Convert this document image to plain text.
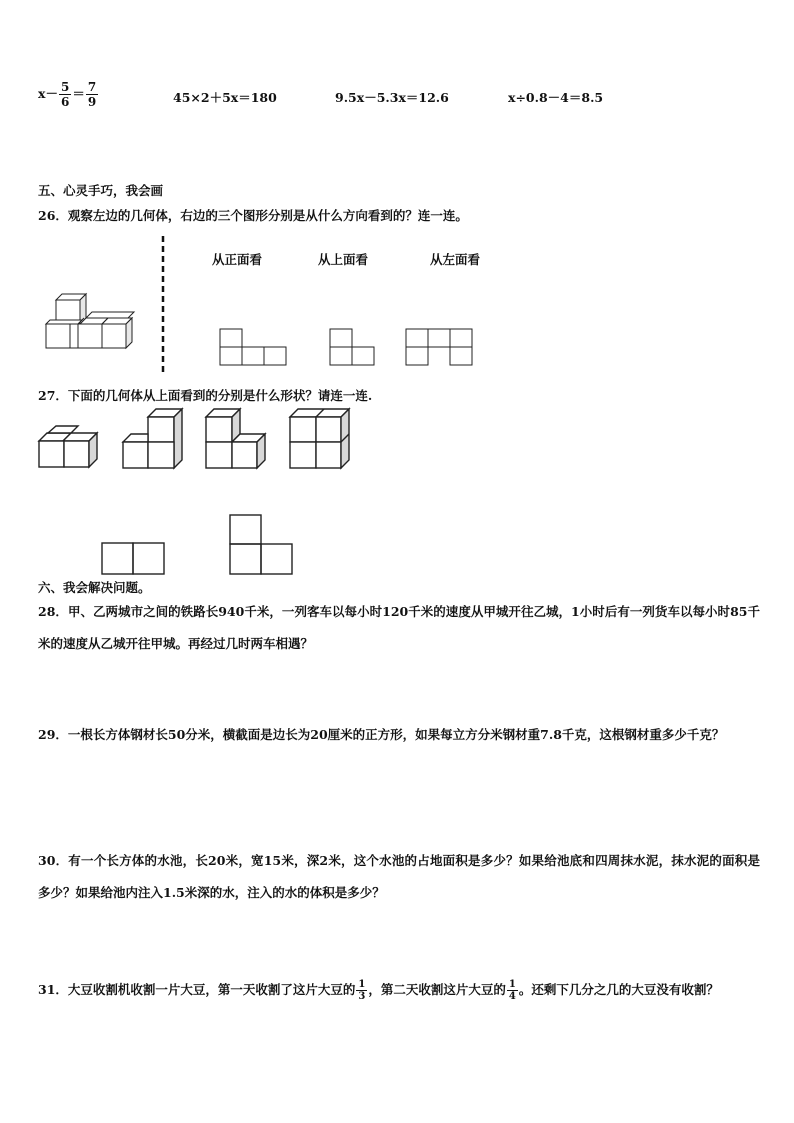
$x- \frac{5}{6} = \frac{7}{9}$	45×2＋5x＝180	9.5x－5.3x＝12.6	x÷0.8－4＝8.5
五、心灵手巧，我会画
26．观察左边的几何体，右边的三个图形分别是从什么方向看到的？连一连。
从正面看	从上面看	从左面看
27．下面的几何体从上面看到的分别是什么形状？请连一连.
六、我会解决问题。
28．甲、乙两城市之间的铁路长940千米，一列客车以每小时120千米的速度从甲城开往乙城，1小时后有一列货车以每小时85千米的速度从乙城开往甲城。再经过几时两车相遇？
29．一根长方体钢材长50分米，横截面是边长为20厘米的正方形，如果每立方分米钢材重7.8千克，这根钢材重多少千克？
30．有一个长方体的水池，长20米，宽15米，深2米，这个水池的占地面积是多少？如果给池底和四周抹水泥，抹水泥的面积是多少？如果给池内注入1.5米深的水，注入的水的体积是多少？
31．大豆收割机收割一片大豆，第一天收割了这片大豆的 $\frac{1}{3}$ ，第二天收割这片大豆的 $\frac{1}{4}$ 。还剩下几分之几的大豆没有收割？
